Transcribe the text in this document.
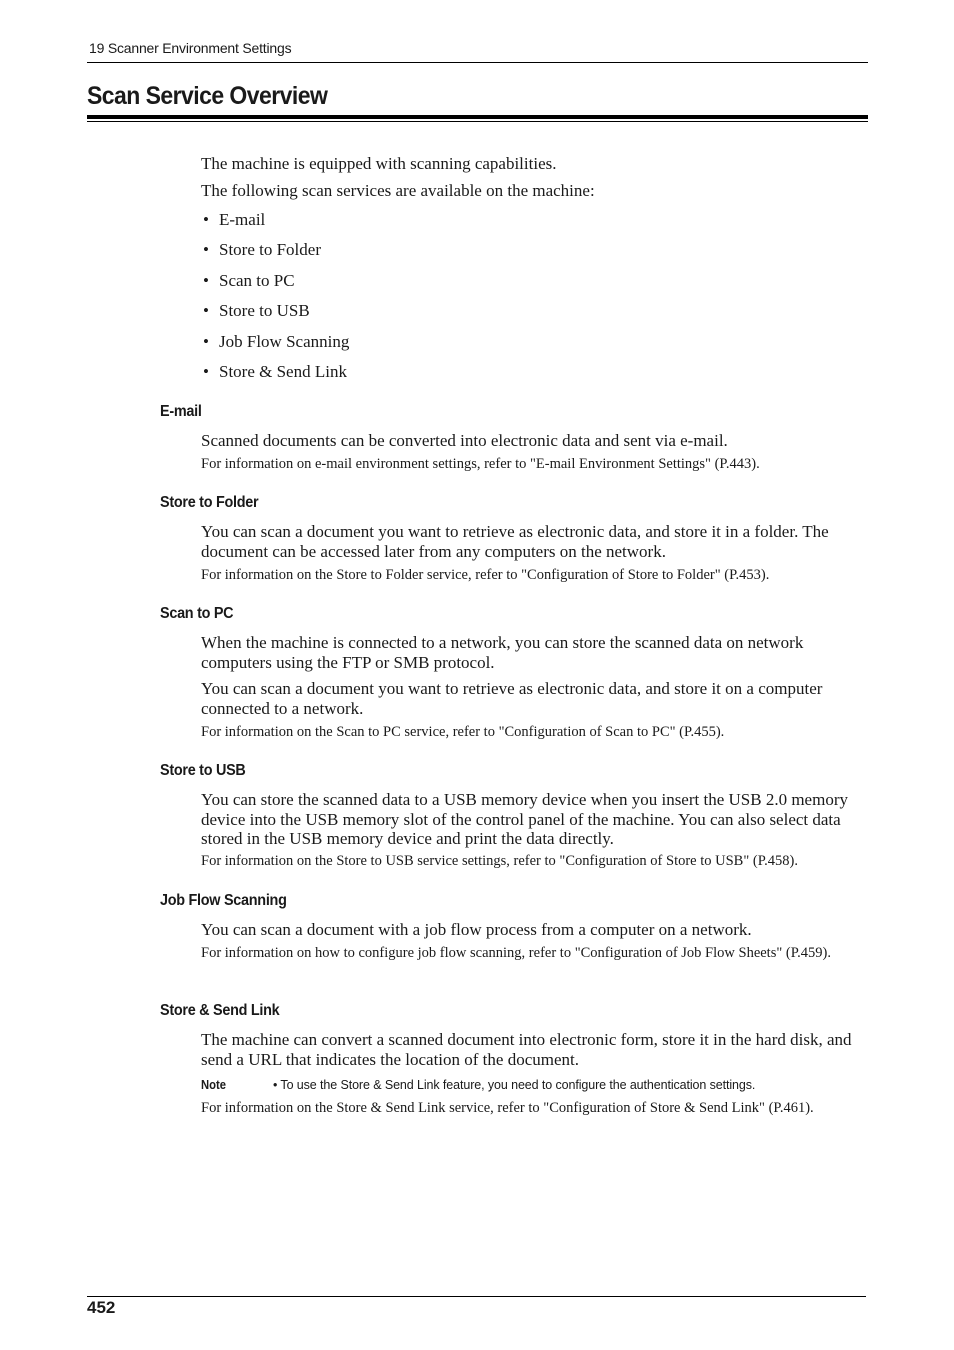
19 Scanner Environment Settings
Scan Service Overview

The machine is equipped with scanning capabilities.

The following scan services are available on the machine:

• E-mail
• Store to Folder
• Scan to PC
• Store to USB
• Job Flow Scanning
• Store & Send Link
E-mail

Scanned documents can be converted into electronic data and sent via e-mail.

For information on e-mail environment settings, refer to "E-mail Environment Settings" (P.443).

Store to Folder

You can scan a document you want to retrieve as electronic data, and store it in a folder. The document can be accessed later from any computers on the network.

For information on the Store to Folder service, refer to "Configuration of Store to Folder" (P.453).

Scan to PC

When the machine is connected to a network, you can store the scanned data on network computers using the FTP or SMB protocol.

You can scan a document you want to retrieve as electronic data, and store it on a computer connected to a network.

For information on the Scan to PC service, refer to "Configuration of Scan to PC" (P.455).

Store to USB

You can store the scanned data to a USB memory device when you insert the USB 2.0 memory device into the USB memory slot of the control panel of the machine. You can also select data stored in the USB memory device and print the data directly.

For information on the Store to USB service settings, refer to "Configuration of Store to USB" (P.458).

Job Flow Scanning

You can scan a document with a job flow process from a computer on a network.

For information on how to configure job flow scanning, refer to "Configuration of Job Flow Sheets" (P.459).

Store & Send Link

The machine can convert a scanned document into electronic form, store it in the hard disk, and send a URL that indicates the location of the document.

Note	• To use the Store & Send Link feature, you need to configure the authentication settings.

For information on the Store & Send Link service, refer to "Configuration of Store & Send Link" (P.461).

452
